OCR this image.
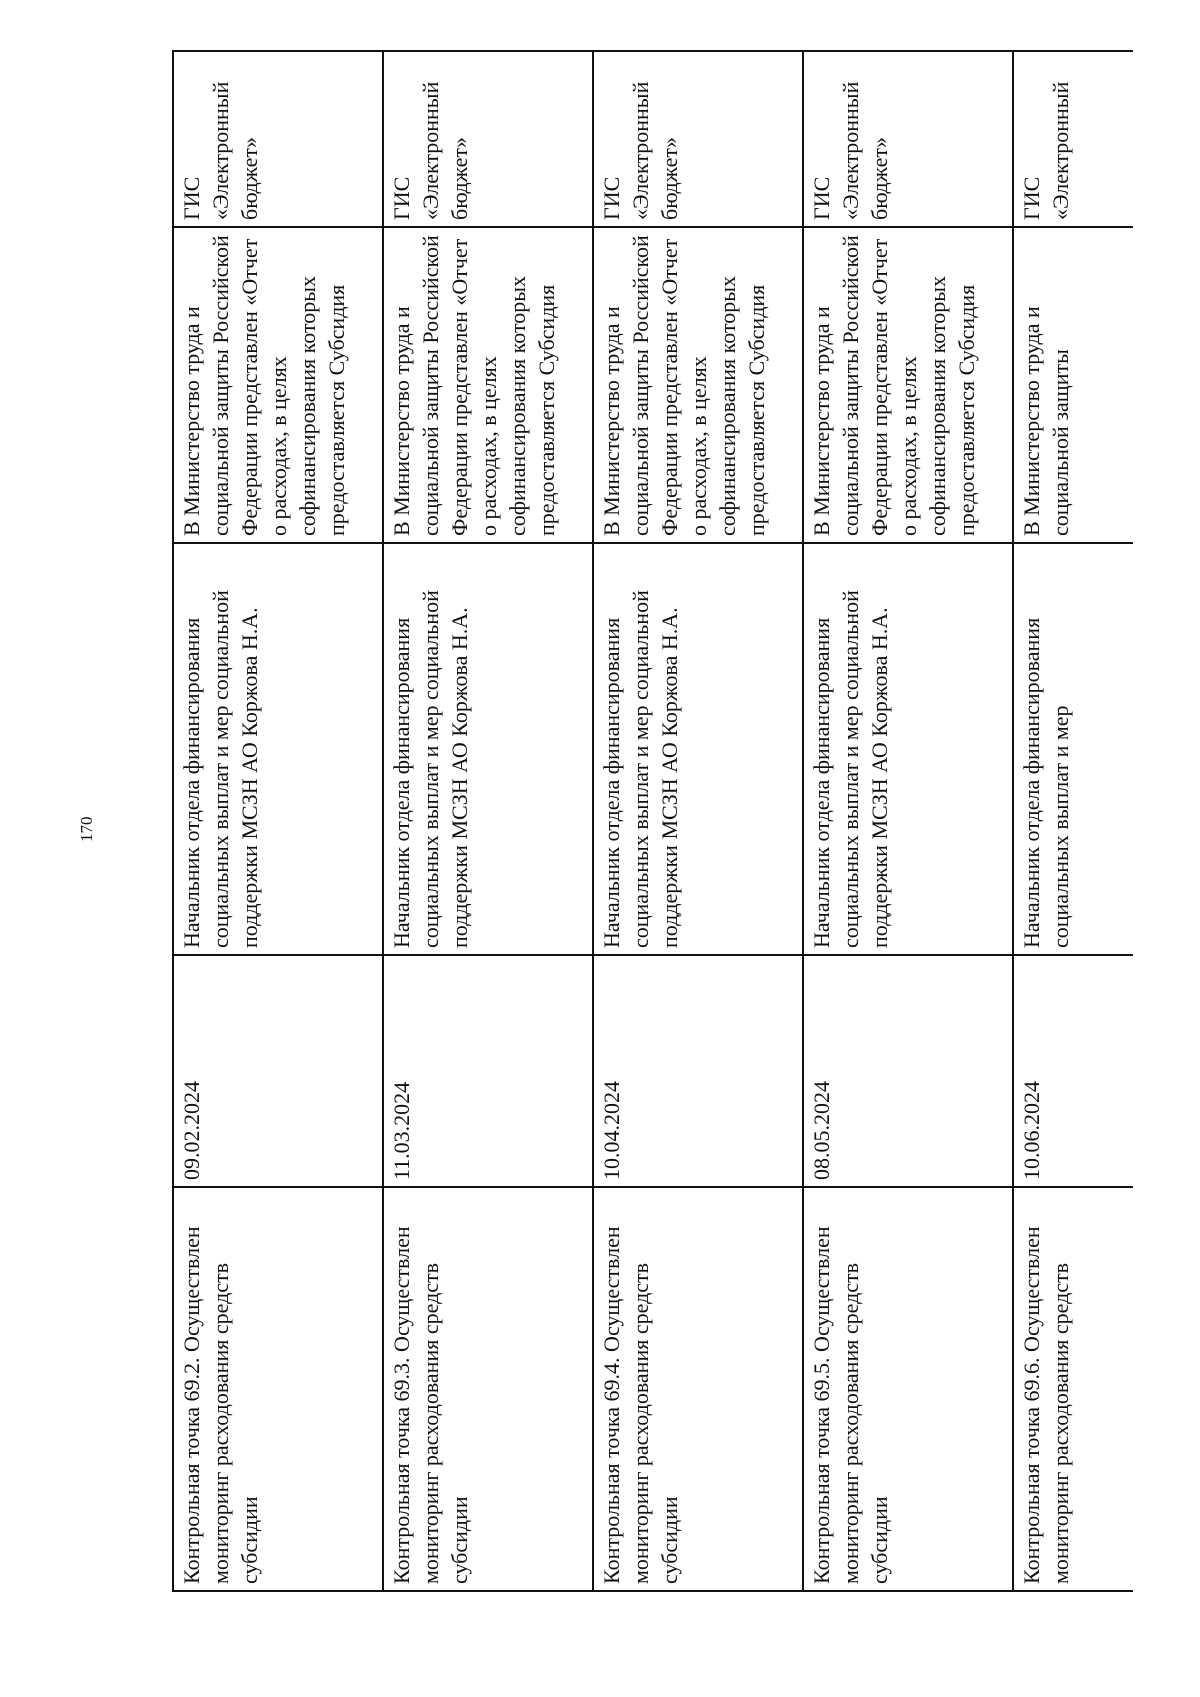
170
Контрольная точка 69.2. Осуществлен мониторинг расходования средств субсидии	09.02.2024	Начальник отдела финансирования социальных выплат и мер социальной поддержки МСЗН АО Коржова Н.А.	В Министерство труда и социальной защиты Российской Федерации представлен «Отчет о расходах, в целях софинансирования которых предоставляется Субсидия	ГИС «Электронный бюджет»
Контрольная точка 69.3. Осуществлен мониторинг расходования средств субсидии	11.03.2024	Начальник отдела финансирования социальных выплат и мер социальной поддержки МСЗН АО Коржова Н.А.	В Министерство труда и социальной защиты Российской Федерации представлен «Отчет о расходах, в целях софинансирования которых предоставляется Субсидия	ГИС «Электронный бюджет»
Контрольная точка 69.4. Осуществлен мониторинг расходования средств субсидии	10.04.2024	Начальник отдела финансирования социальных выплат и мер социальной поддержки МСЗН АО Коржова Н.А.	В Министерство труда и социальной защиты Российской Федерации представлен «Отчет о расходах, в целях софинансирования которых предоставляется Субсидия	ГИС «Электронный бюджет»
Контрольная точка 69.5. Осуществлен мониторинг расходования средств субсидии	08.05.2024	Начальник отдела финансирования социальных выплат и мер социальной поддержки МСЗН АО Коржова Н.А.	В Министерство труда и социальной защиты Российской Федерации представлен «Отчет о расходах, в целях софинансирования которых предоставляется Субсидия	ГИС «Электронный бюджет»
Контрольная точка 69.6. Осуществлен мониторинг расходования средств	10.06.2024	Начальник отдела финансирования социальных выплат и мер	В Министерство труда и социальной защиты	ГИС «Электронный
